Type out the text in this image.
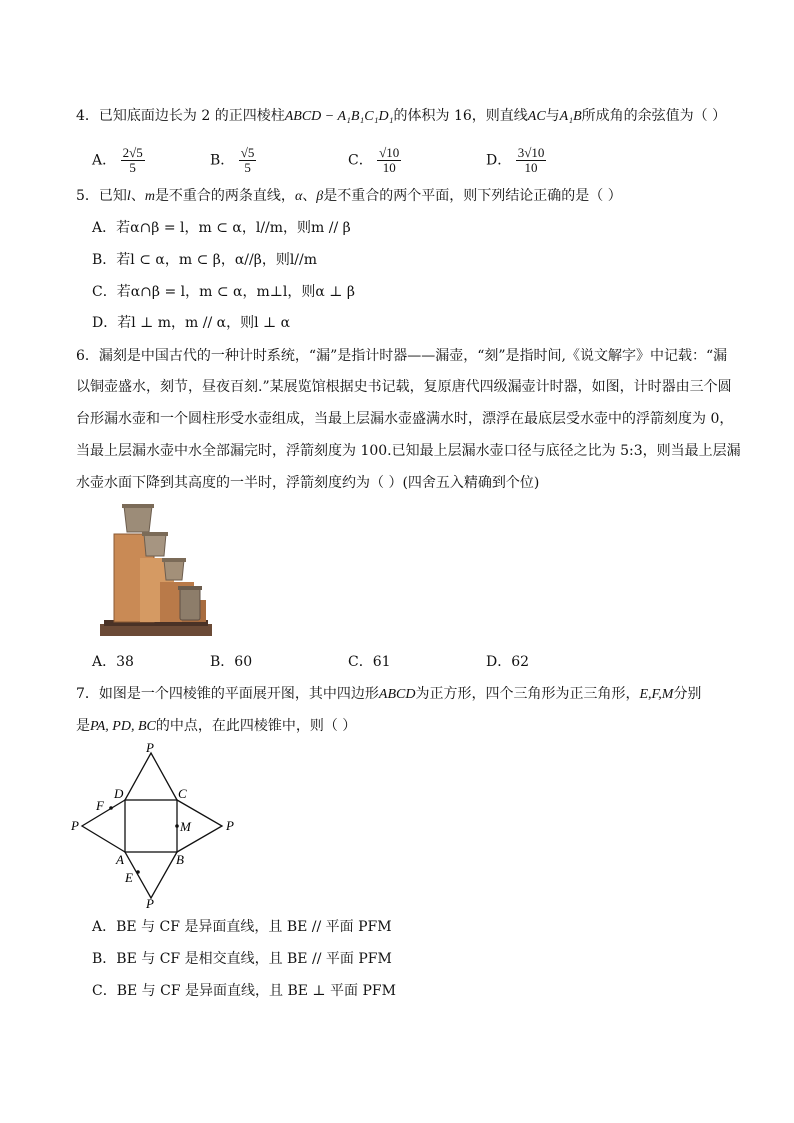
4．已知底面边长为 2 的正四棱柱ABCD − A₁B₁C₁D₁的体积为 16，则直线AC与A₁B所成角的余弦值为（ ）
A． $\frac{2√5}{5}$	B． $\frac{√5}{5}$	C． $\frac{√10}{10}$	D． $\frac{3√10}{10}$
5．已知l、m是不重合的两条直线，α、β是不重合的两个平面，则下列结论正确的是（ ）
A．若α∩β = l，m ⊂ α，l//m，则m // β
B．若l ⊂ α，m ⊂ β，α//β，则l//m
C．若α∩β = l，m ⊂ α，m⊥l，则α ⊥ β
D．若l ⊥ m，m // α，则l ⊥ α
6．漏刻是中国古代的一种计时系统，“漏”是指计时器——漏壶，“刻”是指时间,《说文解字》中记载：“漏
以铜壶盛水，刻节，昼夜百刻.”某展览馆根据史书记载，复原唐代四级漏壶计时器，如图，计时器由三个圆
台形漏水壶和一个圆柱形受水壶组成，当最上层漏水壶盛满水时，漂浮在最底层受水壶中的浮箭刻度为 0，
当最上层漏水壶中水全部漏完时，浮箭刻度为 100.已知最上层漏水壶口径与底径之比为 5:3，则当最上层漏
水壶水面下降到其高度的一半时，浮箭刻度约为（ ）(四舍五入精确到个位)
A．38	B．60	C．61	D．62
7．如图是一个四棱锥的平面展开图，其中四边形ABCD为正方形，四个三角形为正三角形，E,F,M分别
是PA, PD, BC的中点，在此四棱锥中，则（ ）
P
P
P
P
D	C
A	B
F
M
E
A．BE 与 CF 是异面直线，且 BE // 平面 PFM
B．BE 与 CF 是相交直线，且 BE // 平面 PFM
C．BE 与 CF 是异面直线，且 BE ⊥ 平面 PFM
